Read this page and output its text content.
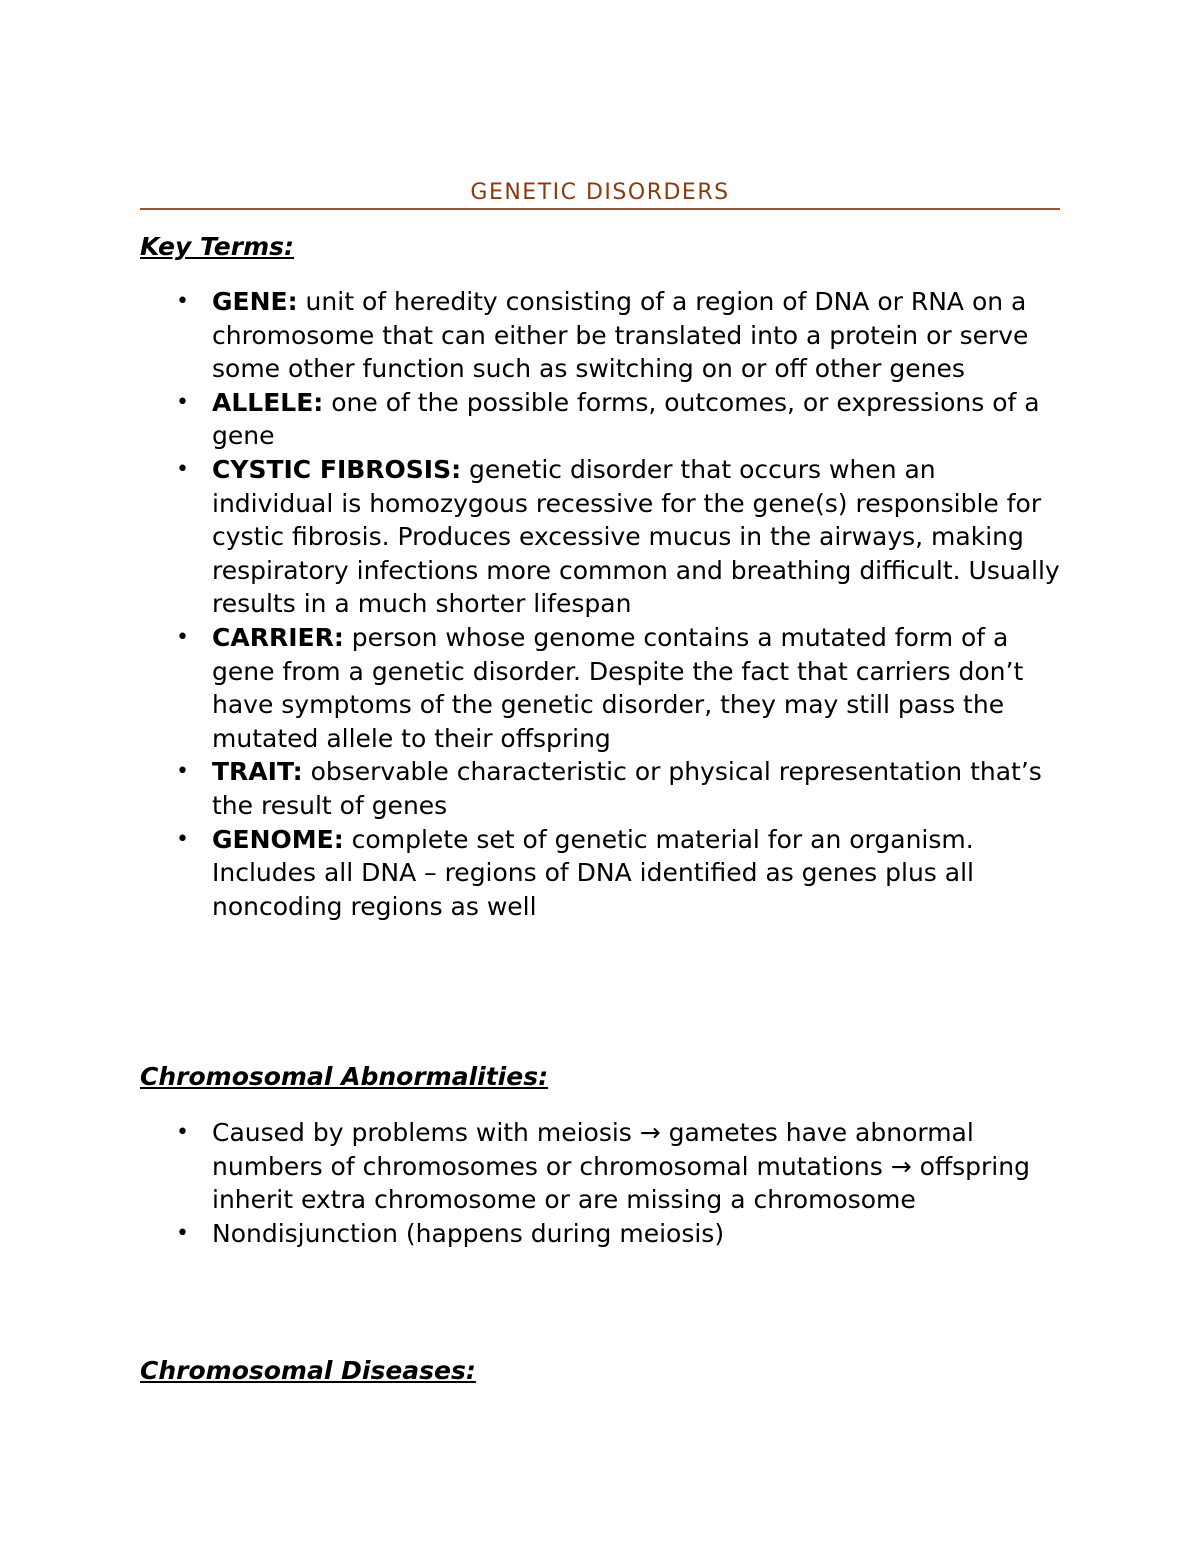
GENETIC DISORDERS
Key Terms:
• GENE: unit of heredity consisting of a region of DNA or RNA on a chromosome that can either be translated into a protein or serve some other function such as switching on or off other genes
• ALLELE: one of the possible forms, outcomes, or expressions of a gene
• CYSTIC FIBROSIS: genetic disorder that occurs when an individual is homozygous recessive for the gene(s) responsible for cystic fibrosis. Produces excessive mucus in the airways, making respiratory infections more common and breathing difficult. Usually results in a much shorter lifespan
• CARRIER: person whose genome contains a mutated form of a gene from a genetic disorder. Despite the fact that carriers don’t have symptoms of the genetic disorder, they may still pass the mutated allele to their offspring
• TRAIT: observable characteristic or physical representation that’s the result of genes
• GENOME: complete set of genetic material for an organism. Includes all DNA – regions of DNA identified as genes plus all noncoding regions as well
Chromosomal Abnormalities:
• Caused by problems with meiosis → gametes have abnormal numbers of chromosomes or chromosomal mutations → offspring inherit extra chromosome or are missing a chromosome
• Nondisjunction (happens during meiosis)
Chromosomal Diseases:
